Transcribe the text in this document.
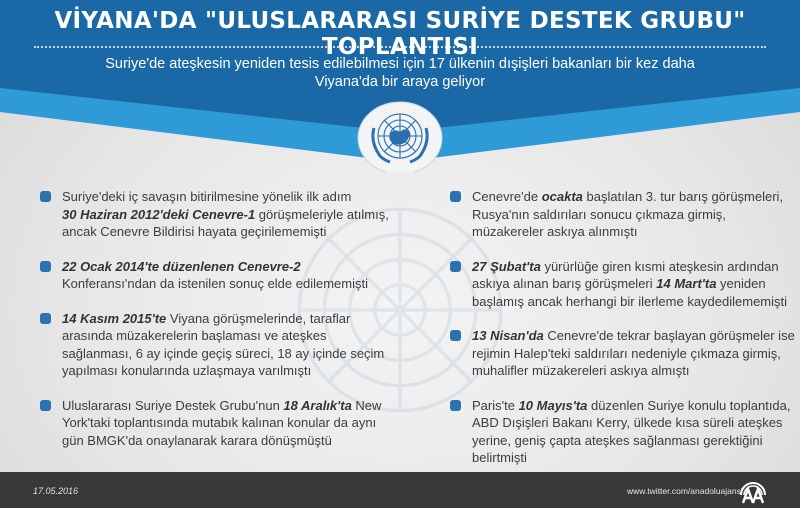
VİYANA'DA "ULUSLARARASI SURİYE DESTEK GRUBU" TOPLANTISI
Suriye'de ateşkesin yeniden tesis edilebilmesi için 17 ülkenin dışişleri bakanları bir kez daha
Viyana'da bir araya geliyor
Suriye'deki iç savaşın bitirilmesine yönelik ilk adım
30 Haziran 2012'deki Cenevre-1 görüşmeleriyle atılmış, ancak Cenevre Bildirisi hayata geçirilememişti
22 Ocak 2014'te düzenlenen Cenevre-2 Konferansı'ndan da istenilen sonuç elde edilememişti
14 Kasım 2015'te Viyana görüşmelerinde, taraflar arasında müzakerelerin başlaması ve ateşkes sağlanması, 6 ay içinde geçiş süreci, 18 ay içinde seçim yapılması konularında uzlaşmaya varılmıştı
Uluslararası Suriye Destek Grubu'nun 18 Aralık'ta New York'taki toplantısında mutabık kalınan konular da aynı gün BMGK'da onaylanarak karara dönüşmüştü
Cenevre'de ocakta başlatılan 3. tur barış görüşmeleri, Rusya'nın saldırıları sonucu çıkmaza girmiş, müzakereler askıya alınmıştı
27 Şubat'ta yürürlüğe giren kısmi ateşkesin ardından askıya alınan barış görüşmeleri 14 Mart'ta yeniden başlamış ancak herhangi bir ilerleme kaydedilememişti
13 Nisan'da Cenevre'de tekrar başlayan görüşmeler ise rejimin Halep'teki saldırıları nedeniyle çıkmaza girmiş, muhalifler müzakereleri askıya almıştı
Paris'te 10 Mayıs'ta düzenlen Suriye konulu toplantıda, ABD Dışişleri Bakanı Kerry, ülkede kısa süreli ateşkes yerine, geniş çapta ateşkes sağlanması gerektiğini belirtmişti
17.05.2016	www.twitter.com/anadoluajansi
